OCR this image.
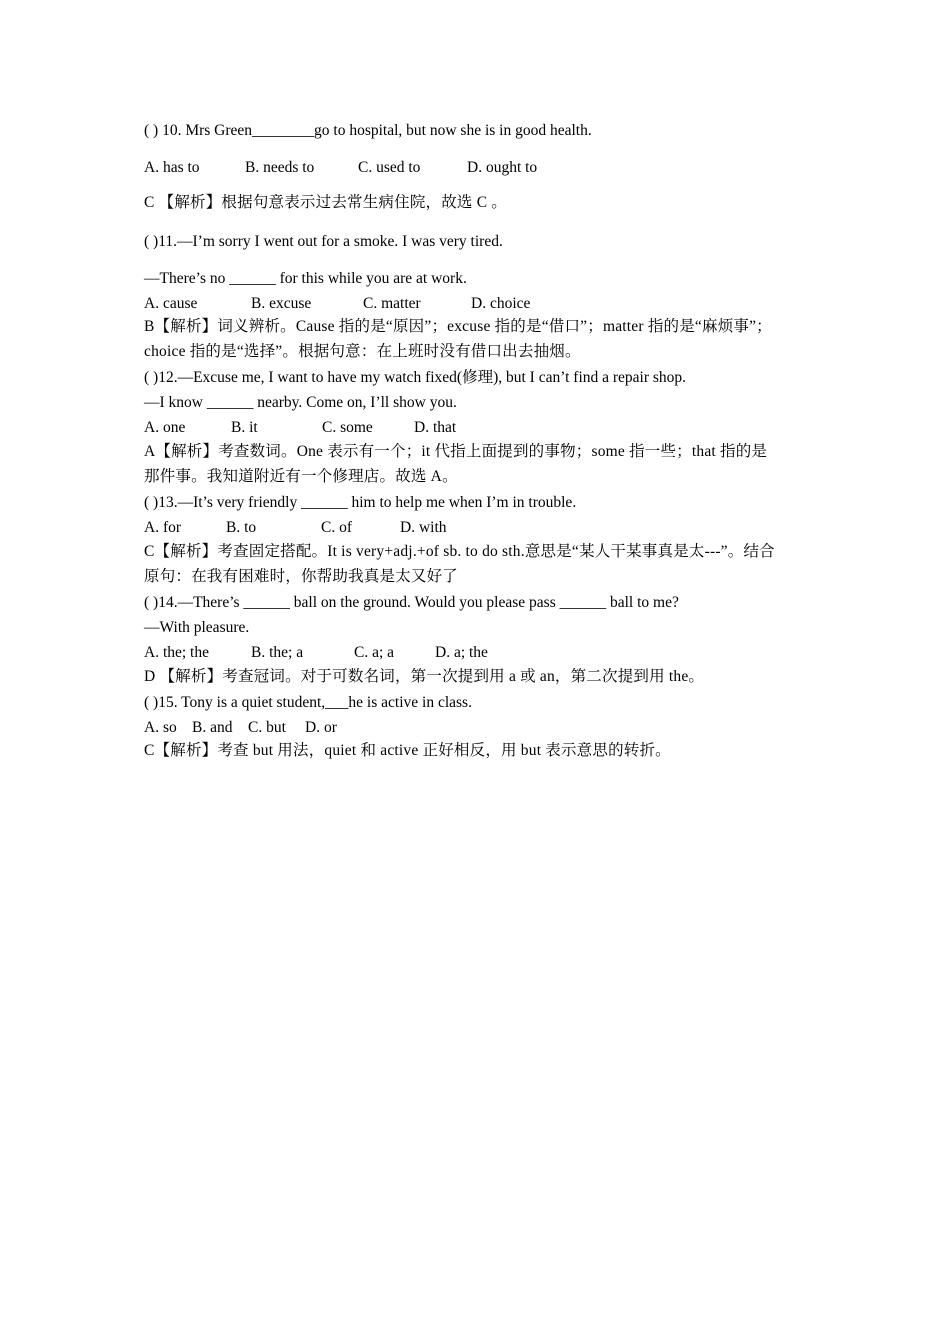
( ) 10. Mrs Green________go to hospital, but now she is in good health.
A. has to	B. needs to	C. used to	D. ought to
C 【解析】根据句意表示过去常生病住院，故选 C 。
( )11.—I’m sorry I went out for a smoke. I was very tired.
—There’s no ______ for this while you are at work.
A. cause	B. excuse	C. matter	D. choice
B【解析】词义辨析。Cause 指的是“原因”；excuse 指的是“借口”；matter 指的是“麻烦事”；
choice 指的是“选择”。根据句意：在上班时没有借口出去抽烟。
( )12.—Excuse me, I want to have my watch fixed(修理), but I can’t find a repair shop.
—I know ______ nearby. Come on, I’ll show you.
A. one	B. it	C. some	D. that
A【解析】考查数词。One 表示有一个；it 代指上面提到的事物；some 指一些；that 指的是
那件事。我知道附近有一个修理店。故选 A。
( )13.—It’s very friendly ______ him to help me when I’m in trouble.
A. for	B. to	C. of	D. with
C【解析】考查固定搭配。It is very+adj.+of sb. to do sth.意思是“某人干某事真是太---”。结合
原句：在我有困难时，你帮助我真是太又好了
( )14.—There’s ______ ball on the ground. Would you please pass ______ ball to me?
—With pleasure.
A. the; the	B. the; a	C. a; a	D. a; the
D 【解析】考查冠词。对于可数名词，第一次提到用 a 或 an，第二次提到用 the。
( )15. Tony is a quiet student,___he is active in class.
A. so B. and C. but D. or
C【解析】考查 but 用法，quiet 和 active 正好相反，用 but 表示意思的转折。
